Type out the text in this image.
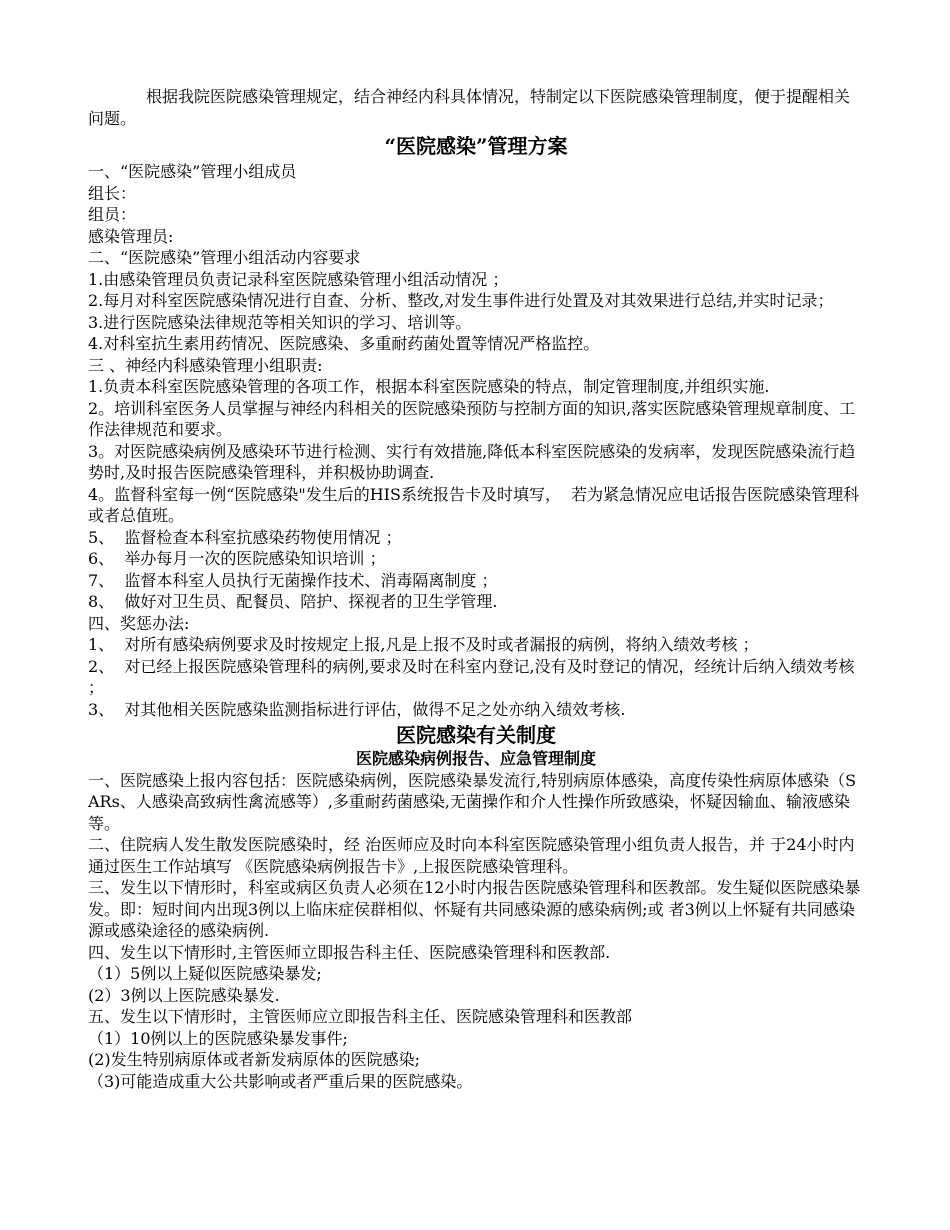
根据我院医院感染管理规定，结合神经内科具体情况，特制定以下医院感染管理制度，便于提醒相关问题。

“医院感染”管理方案

一、“医院感染”管理小组成员

组长：

组员：

感染管理员:

二、“医院感染”管理小组活动内容要求

1.由感染管理员负责记录科室医院感染管理小组活动情况 ；

2.每月对科室医院感染情况进行自查、分析、整改,对发生事件进行处置及对其效果进行总结,并实时记录；

3.进行医院感染法律规范等相关知识的学习、培训等。

4.对科室抗生素用药情况、医院感染、多重耐药菌处置等情况严格监控。

三 、神经内科感染管理小组职责:

1.负责本科室医院感染管理的各项工作，根据本科室医院感染的特点，制定管理制度,并组织实施.

2。培训科室医务人员掌握与神经内科相关的医院感染预防与控制方面的知识,落实医院感染管理规章制度、工作法律规范和要求。

3。对医院感染病例及感染环节进行检测、实行有效措施,降低本科室医院感染的发病率，发现医院感染流行趋势时,及时报告医院感染管理科，并积极协助调查.

4。监督科室每一例“医院感染"发生后的HIS系统报告卡及时填写，  若为紧急情况应电话报告医院感染管理科或者总值班。

5、  监督检查本科室抗感染药物使用情况 ；

6、  举办每月一次的医院感染知识培训 ；

7、  监督本科室人员执行无菌操作技术、消毒隔离制度 ；

8、  做好对卫生员、配餐员、陪护、探视者的卫生学管理.

四、奖惩办法:

1、  对所有感染病例要求及时按规定上报,凡是上报不及时或者漏报的病例，将纳入绩效考核 ；

2、  对已经上报医院感染管理科的病例,要求及时在科室内登记,没有及时登记的情况，经统计后纳入绩效考核 ；

3、  对其他相关医院感染监测指标进行评估，做得不足之处亦纳入绩效考核.

医院感染有关制度
医院感染病例报告、应急管理制度

一、医院感染上报内容包括：医院感染病例，医院感染暴发流行,特别病原体感染，高度传染性病原体感染（SARs、人感染高致病性禽流感等）,多重耐药菌感染,无菌操作和介人性操作所致感染，怀疑因输血、输液感染等。

二、住院病人发生散发医院感染时，经 治医师应及时向本科室医院感染管理小组负责人报告，并 于24小时内通过医生工作站填写 《医院感染病例报告卡》,上报医院感染管理科。

三、发生以下情形时，科室或病区负责人必须在12小时内报告医院感染管理科和医教部。发生疑似医院感染暴发。即：短时间内出现3例以上临床症侯群相似、怀疑有共同感染源的感染病例;或 者3例以上怀疑有共同感染源或感染途径的感染病例.

四、发生以下情形时,主管医师立即报告科主任、医院感染管理科和医教部.

（1）5例以上疑似医院感染暴发;

(2）3例以上医院感染暴发.

五、发生以下情形时，主管医师应立即报告科主任、医院感染管理科和医教部

（1）10例以上的医院感染暴发事件;

(2)发生特别病原体或者新发病原体的医院感染;

（3)可能造成重大公共影响或者严重后果的医院感染。
